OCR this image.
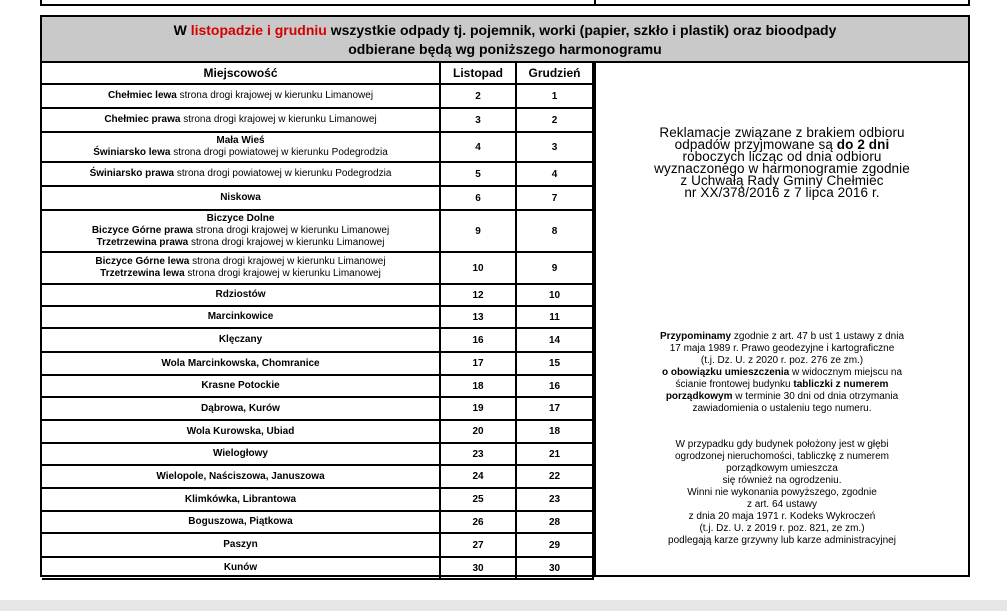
W listopadzie i grudniu wszystkie odpady tj. pojemnik, worki (papier, szkło i plastik) oraz bioodpady
odbierane będą wg poniższego harmonogramu
Miejscowość	Listopad	Grudzień

Chełmiec lewa strona drogi krajowej w kierunku Limanowej	2	1

Chełmiec prawa strona drogi krajowej w kierunku Limanowej	3	2

Mała Wieś
Świniarsko lewa strona drogi powiatowej w kierunku Podegrodzia	4	3

Świniarsko prawa strona drogi powiatowej w kierunku Podegrodzia	5	4

Niskowa	6	7

Biczyce Dolne
Biczyce Górne prawa strona drogi krajowej w kierunku Limanowej
Trzetrzewina prawa strona drogi krajowej w kierunku Limanowej	9	8

Biczyce Górne lewa strona drogi krajowej w kierunku Limanowej
Trzetrzewina lewa strona drogi krajowej w kierunku Limanowej	10	9

Rdziostów	12	10

Marcinkowice	13	11

Klęczany	16	14

Wola Marcinkowska, Chomranice	17	15

Krasne Potockie	18	16

Dąbrowa, Kurów	19	17

Wola Kurowska, Ubiad	20	18

Wielogłowy	23	21

Wielopole, Naściszowa, Januszowa	24	22

Klimkówka, Librantowa	25	23

Boguszowa, Piątkowa	26	28

Paszyn	27	29

Kunów	30	30
Reklamacje związane z brakiem odbioru
odpadów przyjmowane są do 2 dni
roboczych licząc od dnia odbioru
wyznaczonego w harmonogramie zgodnie
z Uchwałą Rady Gminy Chełmiec
nr XX/378/2016 z 7 lipca 2016 r.
Przypominamy zgodnie z art. 47 b ust 1 ustawy z dnia
17 maja 1989 r. Prawo geodezyjne i kartograficzne
(t.j. Dz. U. z 2020 r. poz. 276 ze zm.)
o obowiązku umieszczenia w widocznym miejscu na
ścianie frontowej budynku tabliczki z numerem
porządkowym w terminie 30 dni od dnia otrzymania
zawiadomienia o ustaleniu tego numeru.
W przypadku gdy budynek położony jest w głębi
ogrodzonej nieruchomości, tabliczkę z numerem
porządkowym umieszcza
się również na ogrodzeniu.
Winni nie wykonania powyższego, zgodnie
z art. 64 ustawy
z dnia 20 maja 1971 r. Kodeks Wykroczeń
(t.j. Dz. U. z 2019 r. poz. 821, ze zm.)
podlegają karze grzywny lub karze administracyjnej
